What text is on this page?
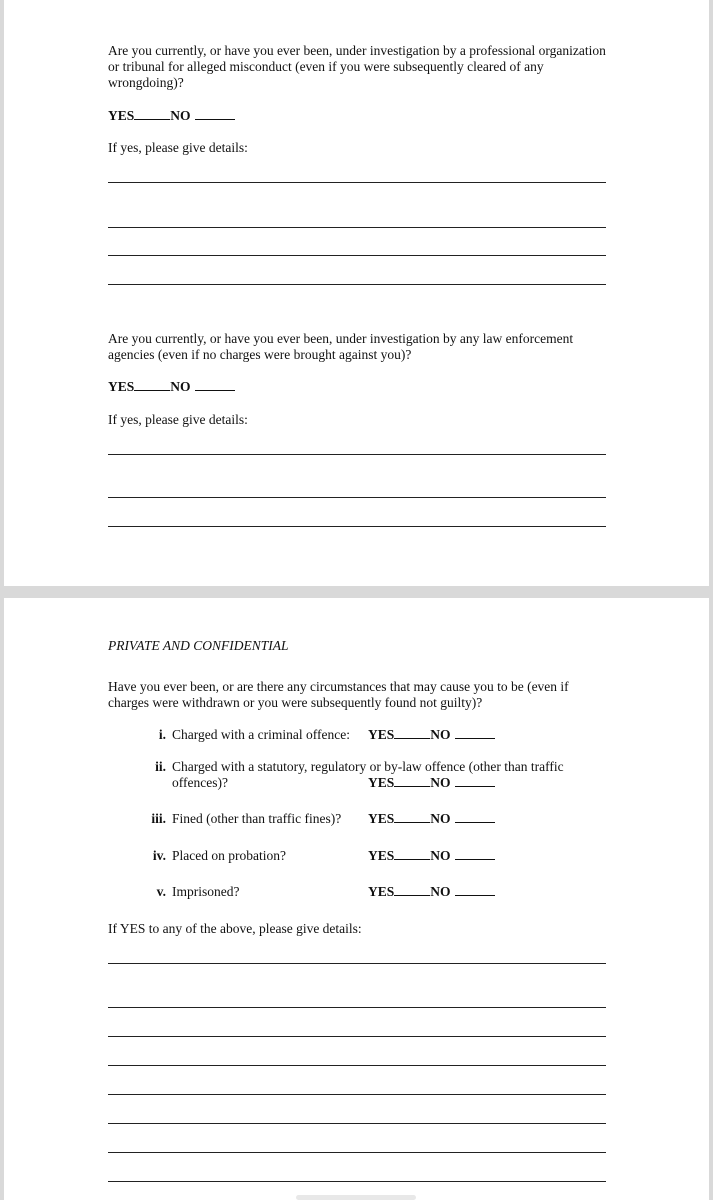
Are you currently, or have you ever been, under investigation by a professional organization or tribunal for alleged misconduct (even if you were subsequently cleared of any wrongdoing)?

YES	NO

If yes, please give details:

Are you currently, or have you ever been, under investigation by any law enforcement agencies (even if no charges were brought against you)?

YES	NO

If yes, please give details:

PRIVATE AND CONFIDENTIAL

Have you ever been, or are there any circumstances that may cause you to be (even if charges were withdrawn or you were subsequently found not guilty)?

i. Charged with a criminal offence: YES	NO
ii. Charged with a statutory, regulatory or by-law offence (other than traffic offences)?	YES	NO
iii. Fined (other than traffic fines)? YES	NO
iv. Placed on probation?	YES	NO
v. Imprisoned?	YES	NO

If YES to any of the above, please give details:
